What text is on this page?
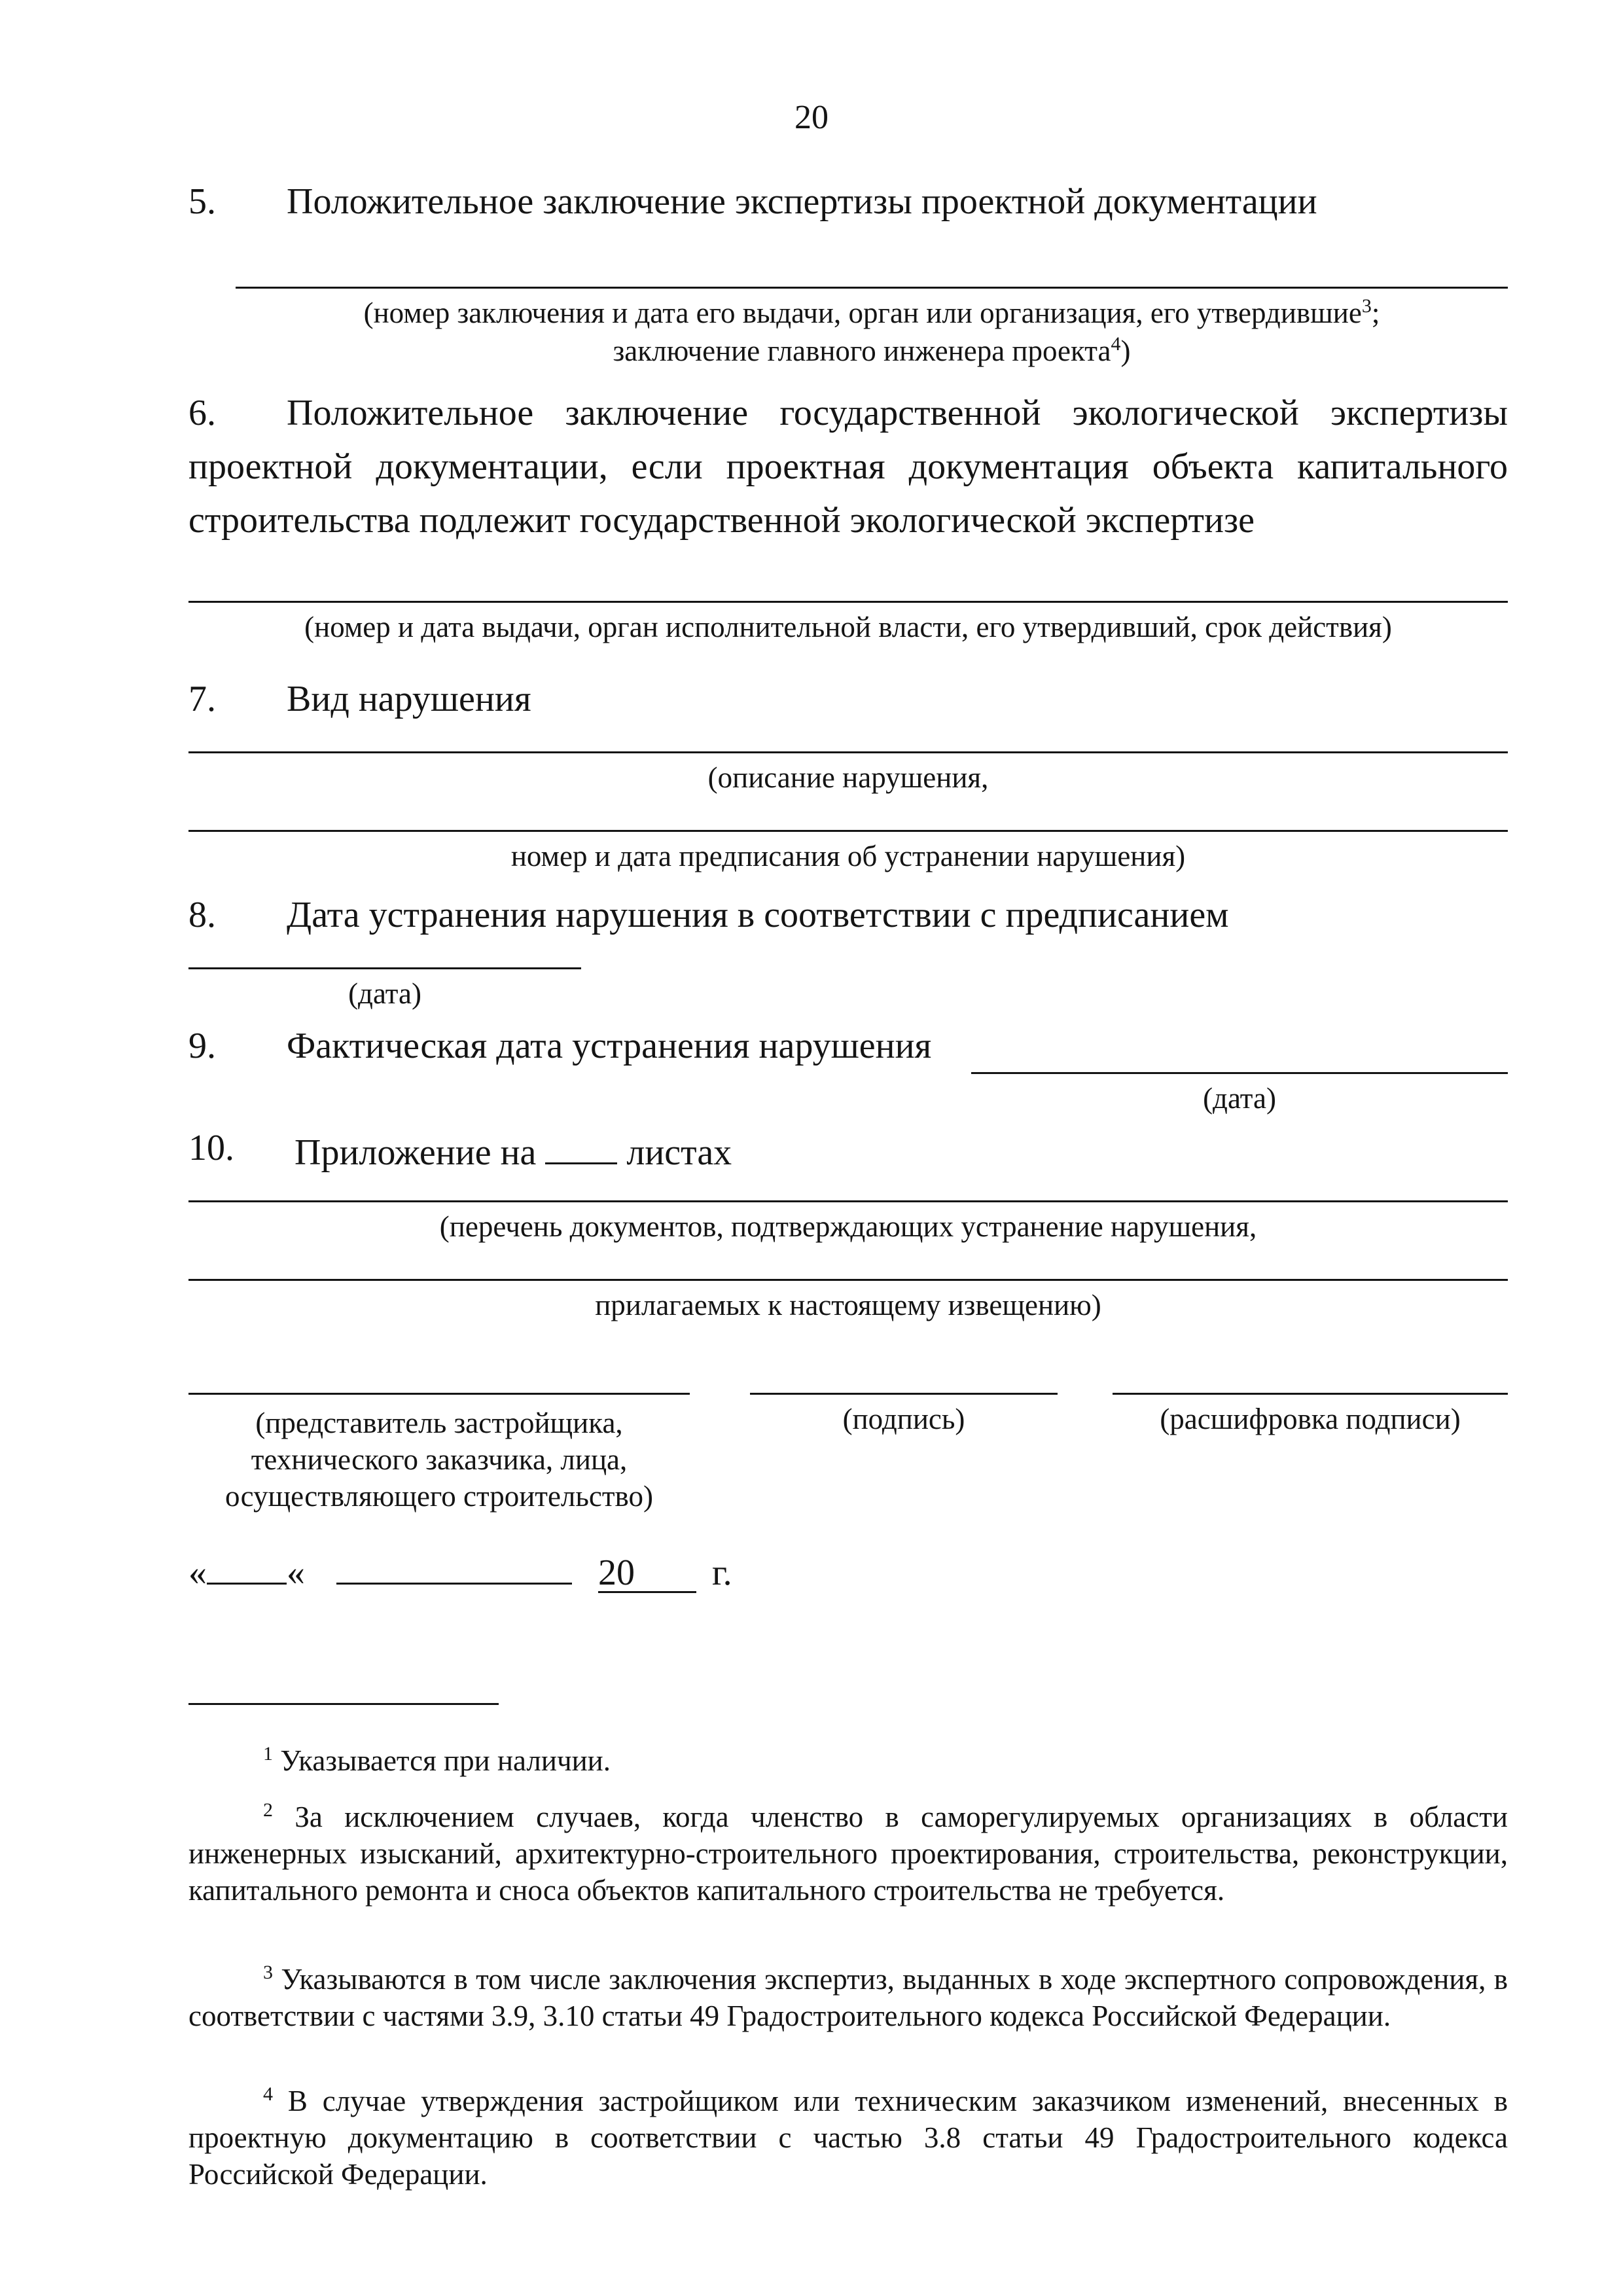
20
5. Положительное заключение экспертизы проектной документации
(номер заключения и дата его выдачи, орган или организация, его утвердившие$^3$;
заключение главного инженера проекта$^4$)
6. Положительное заключение государственной экологической экспертизы проектной документации, если проектная документация объекта капитального строительства подлежит государственной экологической экспертизе
(номер и дата выдачи, орган исполнительной власти, его утвердивший, срок действия)
7. Вид нарушения
(описание нарушения,
номер и дата предписания об устранении нарушения)
8. Дата устранения нарушения в соответствии с предписанием
(дата)
9. Фактическая дата устранения нарушения
(дата)
10. Приложение на листах
(перечень документов, подтверждающих устранение нарушения,
прилагаемых к настоящему извещению)
(представитель застройщика,
технического заказчика, лица,
осуществляющего строительство)
(подпись)	(расшифровка подписи)
« «	20 г.
$^1$ Указывается при наличии.
$^2$ За исключением случаев, когда членство в саморегулируемых организациях в области инженерных изысканий, архитектурно-строительного проектирования, строительства, реконструкции, капитального ремонта и сноса объектов капитального строительства не требуется.
$^3$ Указываются в том числе заключения экспертиз, выданных в ходе экспертного сопровождения, в соответствии с частями 3.9, 3.10 статьи 49 Градостроительного кодекса Российской Федерации.
$^4$ В случае утверждения застройщиком или техническим заказчиком изменений, внесенных в проектную документацию в соответствии с частью 3.8 статьи 49 Градостроительного кодекса Российской Федерации.
